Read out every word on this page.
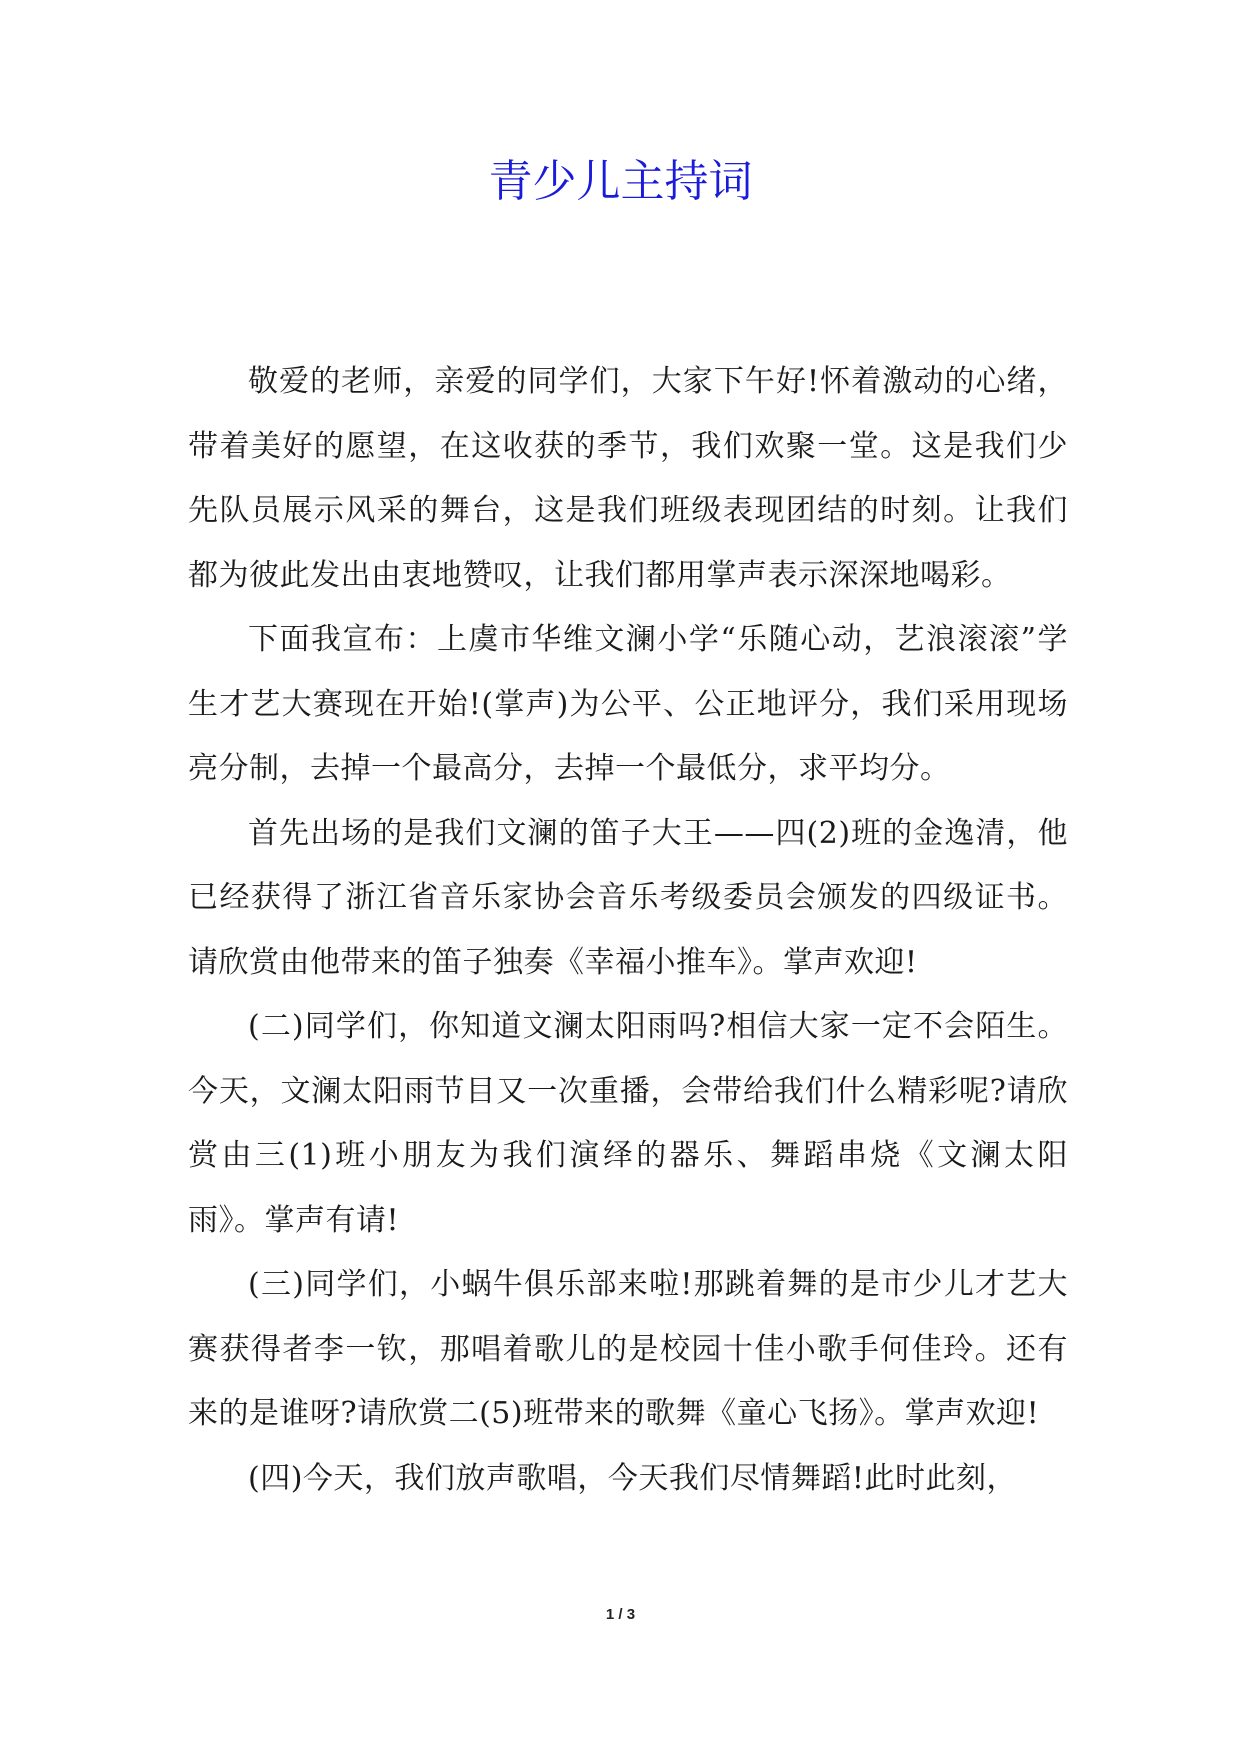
青少儿主持词

敬爱的老师，亲爱的同学们，大家下午好!怀着激动的心绪，带着美好的愿望，在这收获的季节，我们欢聚一堂。这是我们少先队员展示风采的舞台，这是我们班级表现团结的时刻。让我们都为彼此发出由衷地赞叹，让我们都用掌声表示深深地喝彩。

下面我宣布：上虞市华维文澜小学“乐随心动，艺浪滚滚”学生才艺大赛现在开始!(掌声)为公平、公正地评分，我们采用现场亮分制，去掉一个最高分，去掉一个最低分，求平均分。

首先出场的是我们文澜的笛子大王——四(2)班的金逸清，他已经获得了浙江省音乐家协会音乐考级委员会颁发的四级证书。请欣赏由他带来的笛子独奏《幸福小推车》。掌声欢迎!

(二)同学们，你知道文澜太阳雨吗?相信大家一定不会陌生。今天，文澜太阳雨节目又一次重播，会带给我们什么精彩呢?请欣赏由三(1)班小朋友为我们演绎的器乐、舞蹈串烧《文澜太阳雨》。掌声有请!

(三)同学们，小蜗牛俱乐部来啦!那跳着舞的是市少儿才艺大赛获得者李一钦，那唱着歌儿的是校园十佳小歌手何佳玲。还有来的是谁呀?请欣赏二(5)班带来的歌舞《童心飞扬》。掌声欢迎!

(四)今天，我们放声歌唱，今天我们尽情舞蹈!此时此刻，

1 / 3
